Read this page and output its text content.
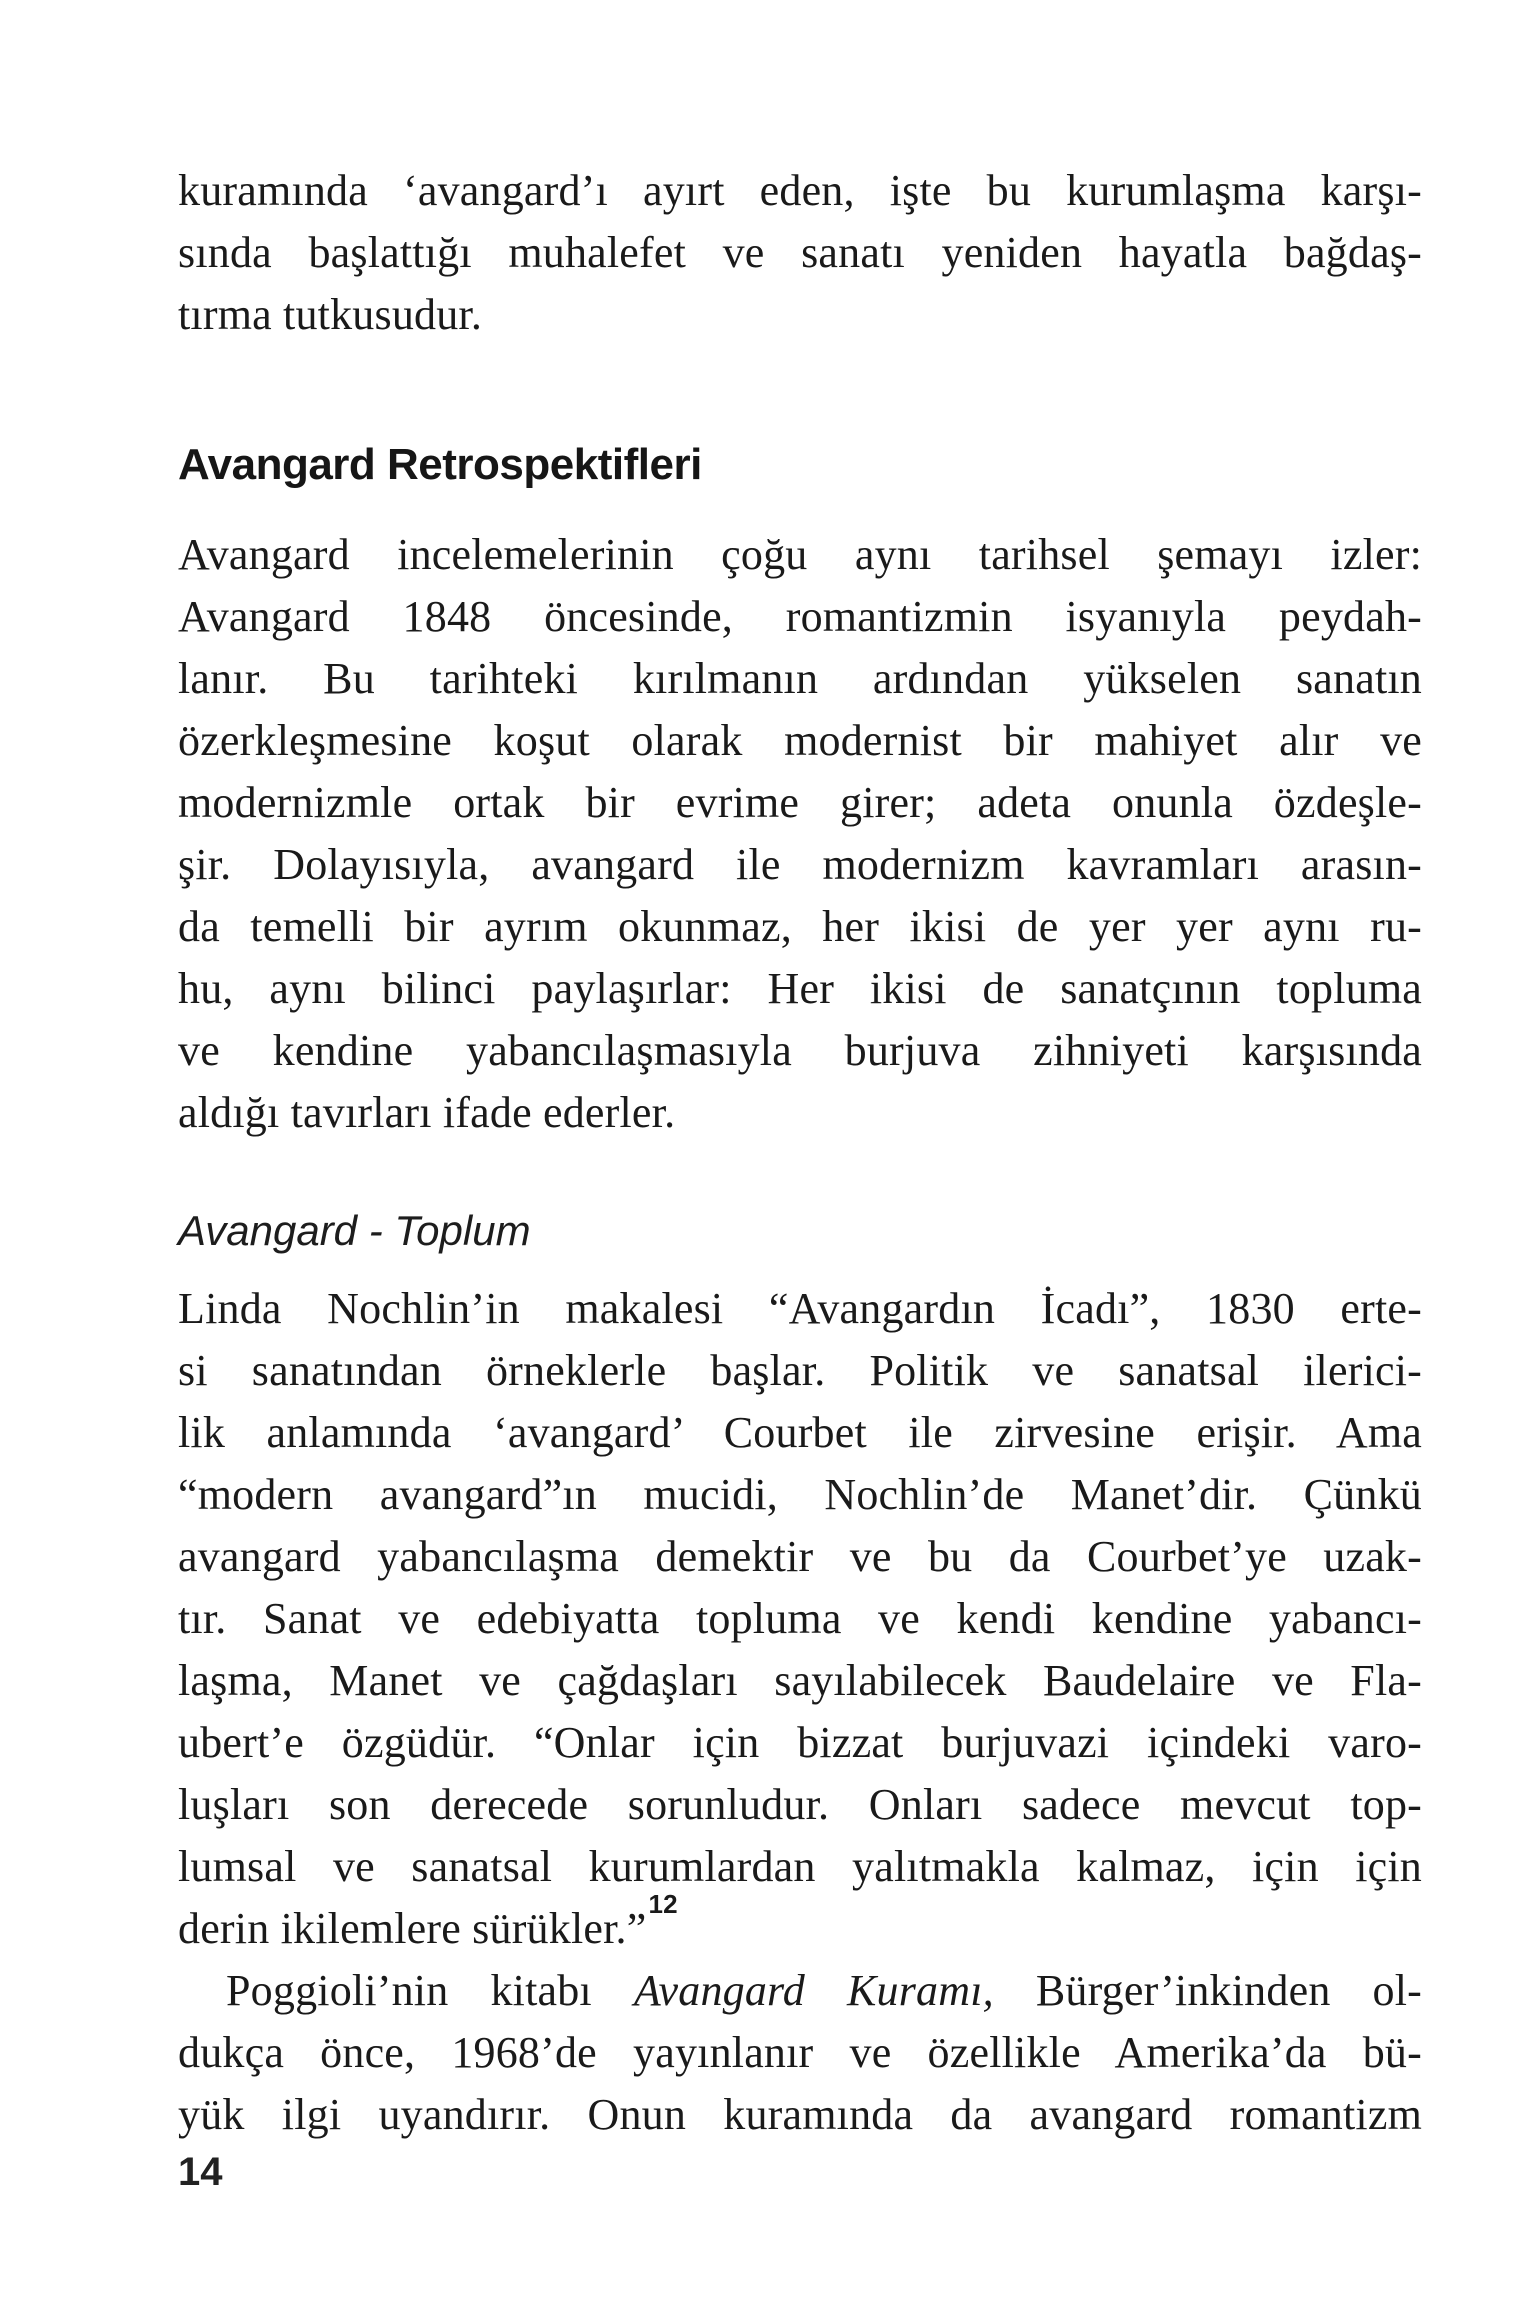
kuramında ‘avangard’ı ayırt eden, işte bu kurumlaşma karşı-
sında başlattığı muhalefet ve sanatı yeniden hayatla bağdaş-
tırma tutkusudur.

Avangard Retrospektifleri

Avangard incelemelerinin çoğu aynı tarihsel şemayı izler:
Avangard 1848 öncesinde, romantizmin isyanıyla peydah-
lanır. Bu tarihteki kırılmanın ardından yükselen sanatın
özerkleşmesine koşut olarak modernist bir mahiyet alır ve
modernizmle ortak bir evrime girer; adeta onunla özdeşle-
şir. Dolayısıyla, avangard ile modernizm kavramları arasın-
da temelli bir ayrım okunmaz, her ikisi de yer yer aynı ru-
hu, aynı bilinci paylaşırlar: Her ikisi de sanatçının topluma
ve kendine yabancılaşmasıyla burjuva zihniyeti karşısında
aldığı tavırları ifade ederler.

Avangard - Toplum

Linda Nochlin’in makalesi “Avangardın İcadı”, 1830 erte-
si sanatından örneklerle başlar. Politik ve sanatsal ilerici-
lik anlamında ‘avangard’ Courbet ile zirvesine erişir. Ama
“modern avangard”ın mucidi, Nochlin’de Manet’dir. Çünkü
avangard yabancılaşma demektir ve bu da Courbet’ye uzak-
tır. Sanat ve edebiyatta topluma ve kendi kendine yabancı-
laşma, Manet ve çağdaşları sayılabilecek Baudelaire ve Fla-
ubert’e özgüdür. “Onlar için bizzat burjuvazi içindeki varo-
luşları son derecede sorunludur. Onları sadece mevcut top-
lumsal ve sanatsal kurumlardan yalıtmakla kalmaz, için için
derin ikilemlere sürükler.”$^{12}$

Poggioli’nin kitabı Avangard Kuramı, Bürger’inkinden ol-
dukça önce, 1968’de yayınlanır ve özellikle Amerika’da bü-
yük ilgi uyandırır. Onun kuramında da avangard romantizm

14
